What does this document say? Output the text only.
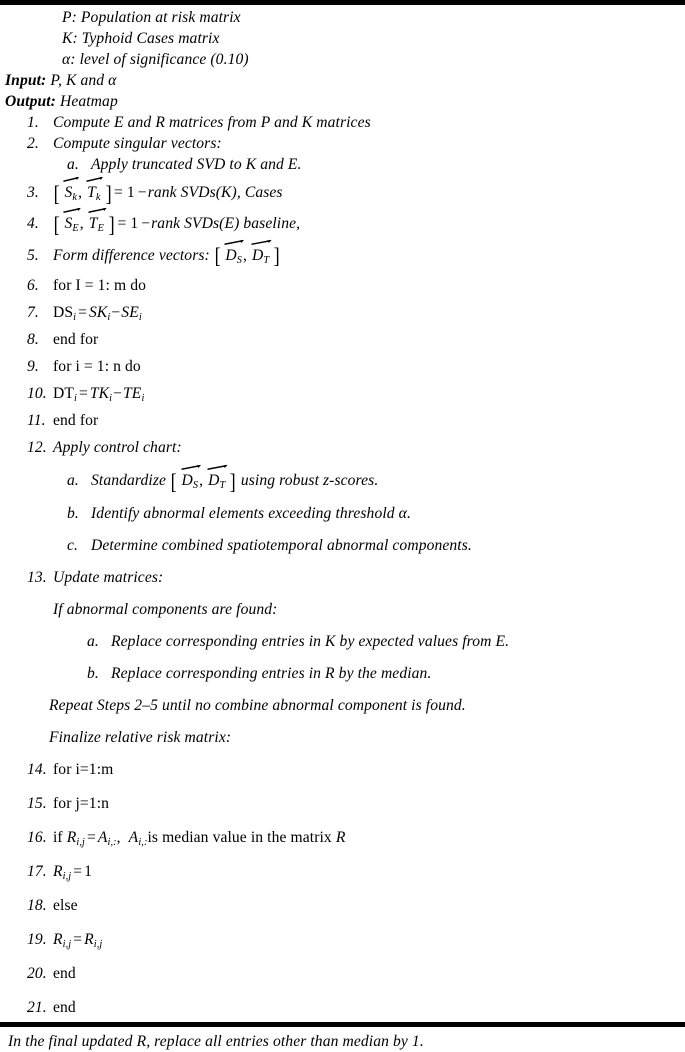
P: Population at risk matrix
K: Typhoid Cases matrix
α: level of significance (0.10)
Input: P, K and α
Output: Heatmap
1. Compute E and R matrices from P and K matrices
2. Compute singular vectors:
a. Apply truncated SVD to K and E.
3. [ $S_k$, $T_k$ ] = 1 −rank SVDs(K), Cases
4. [ $S_E$, $T_E$ ] = 1 −rank SVDs(E) baseline,
5. Form difference vectors: [ $D_S$, $D_T$ ]
6. for I = 1: m do
7. $DS_i = SK_i-SE_i$
8. end for
9. for i = 1: n do
10. $DT_i = TK_i-TE_i$
11. end for
12. Apply control chart:
a. Standardize [ $D_S$, $D_T$ ] using robust z-scores.
b. Identify abnormal elements exceeding threshold α.
c. Determine combined spatiotemporal abnormal components.
13. Update matrices:
If abnormal components are found:
a. Replace corresponding entries in K by expected values from E.
b. Replace corresponding entries in R by the median.
Repeat Steps 2–5 until no combine abnormal component is found.
Finalize relative risk matrix:
14. for i=1:m
15. for j=1:n
16. if $R_{i,j} = A_{i,:}$, $A_{i,:}is$ median value in the matrix R
17. $R_{i,j} = 1$
18. else
19. $R_{i,j} = R_{i,j}$
20. end
21. end
In the final updated R, replace all entries other than median by 1.
